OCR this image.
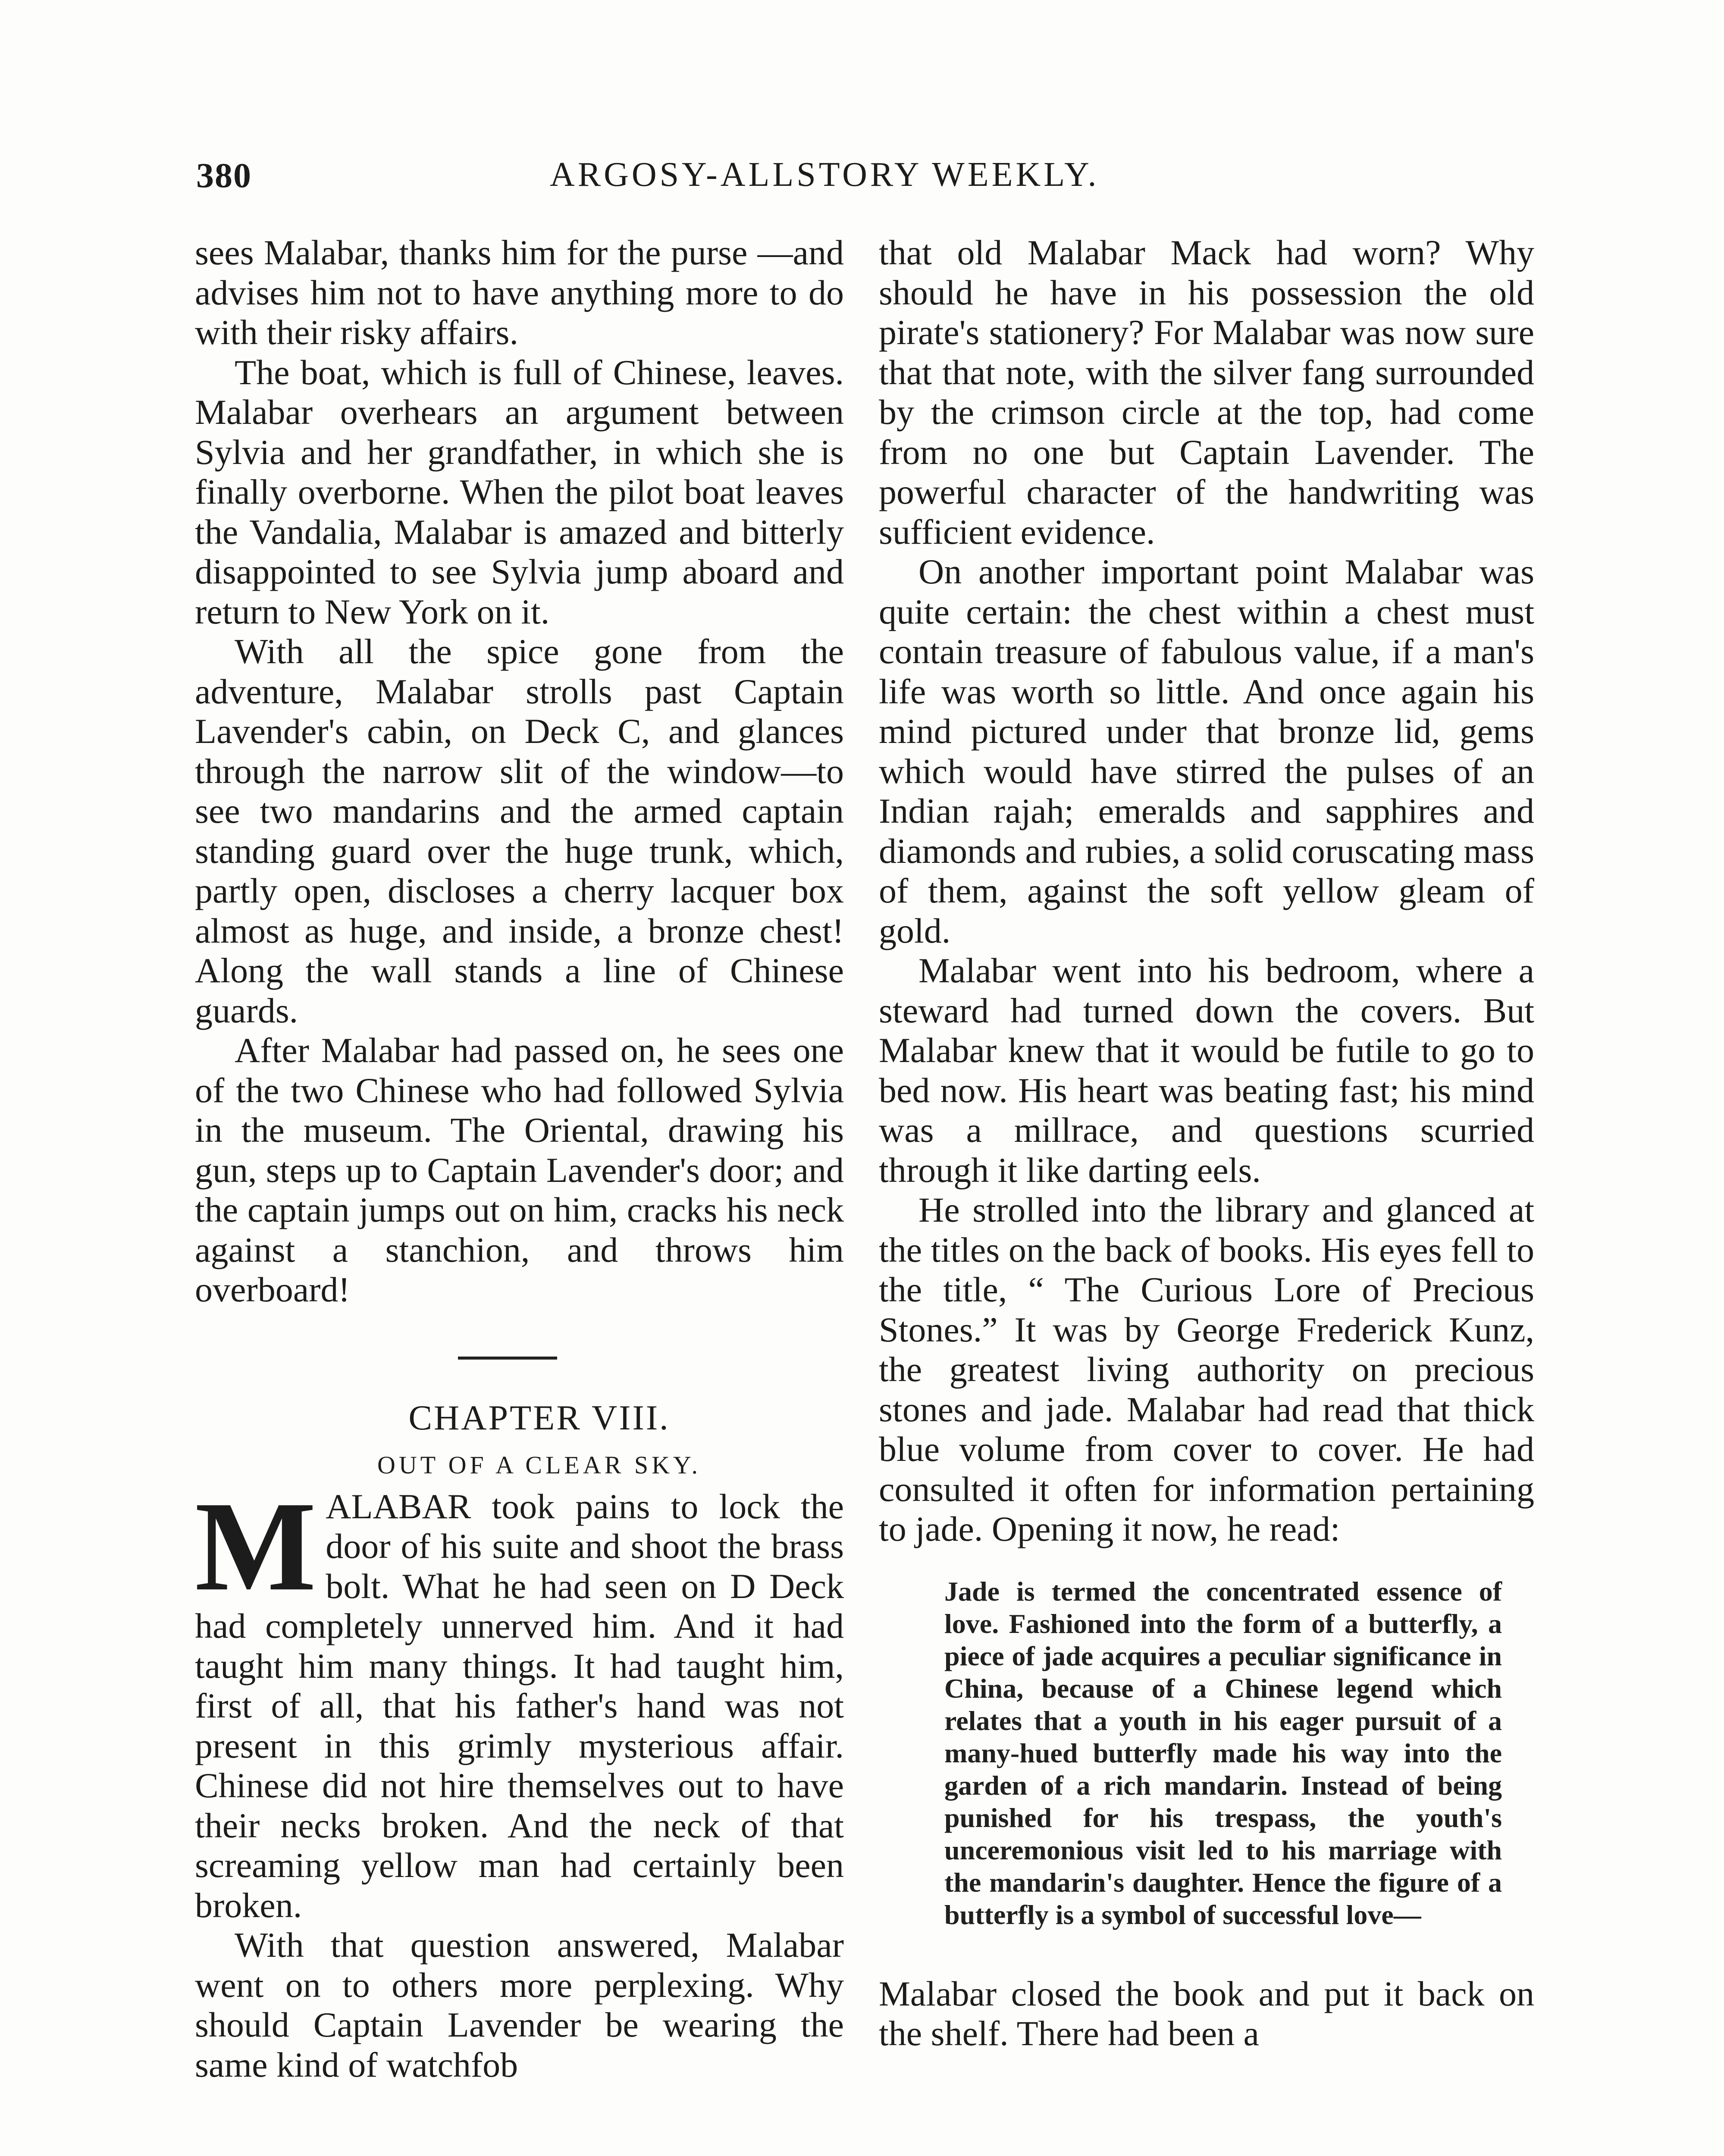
380	ARGOSY-ALLSTORY WEEKLY.

sees Malabar, thanks him for the purse —and advises him not to have anything more to do with their risky affairs.

The boat, which is full of Chinese, leaves. Malabar overhears an argument between Sylvia and her grandfather, in which she is finally overborne. When the pilot boat leaves the Vandalia, Malabar is amazed and bitterly disappointed to see Sylvia jump aboard and return to New York on it.

With all the spice gone from the adventure, Malabar strolls past Captain Lavender's cabin, on Deck C, and glances through the narrow slit of the window—to see two mandarins and the armed captain standing guard over the huge trunk, which, partly open, discloses a cherry lacquer box almost as huge, and inside, a bronze chest! Along the wall stands a line of Chinese guards.

After Malabar had passed on, he sees one of the two Chinese who had followed Sylvia in the museum. The Oriental, drawing his gun, steps up to Captain Lavender's door; and the captain jumps out on him, cracks his neck against a stanchion, and throws him overboard!

CHAPTER VIII.

OUT OF A CLEAR SKY.

MALABAR took pains to lock the door of his suite and shoot the brass bolt. What he had seen on D Deck had completely unnerved him. And it had taught him many things. It had taught him, first of all, that his father's hand was not present in this grimly mysterious affair. Chinese did not hire themselves out to have their necks broken. And the neck of that screaming yellow man had certainly been broken.

With that question answered, Malabar went on to others more perplexing. Why should Captain Lavender be wearing the same kind of watchfob

that old Malabar Mack had worn? Why should he have in his possession the old pirate's stationery? For Malabar was now sure that that note, with the silver fang surrounded by the crimson circle at the top, had come from no one but Captain Lavender. The powerful character of the handwriting was sufficient evidence.

On another important point Malabar was quite certain: the chest within a chest must contain treasure of fabulous value, if a man's life was worth so little. And once again his mind pictured under that bronze lid, gems which would have stirred the pulses of an Indian rajah; emeralds and sapphires and diamonds and rubies, a solid coruscating mass of them, against the soft yellow gleam of gold.

Malabar went into his bedroom, where a steward had turned down the covers. But Malabar knew that it would be futile to go to bed now. His heart was beating fast; his mind was a millrace, and questions scurried through it like darting eels.

He strolled into the library and glanced at the titles on the back of books. His eyes fell to the title, “ The Curious Lore of Precious Stones.” It was by George Frederick Kunz, the greatest living authority on precious stones and jade. Malabar had read that thick blue volume from cover to cover. He had consulted it often for information pertaining to jade. Opening it now, he read:

Jade is termed the concentrated essence of love. Fashioned into the form of a butterfly, a piece of jade acquires a peculiar significance in China, because of a Chinese legend which relates that a youth in his eager pursuit of a many-hued butterfly made his way into the garden of a rich mandarin. Instead of being punished for his trespass, the youth's unceremonious visit led to his marriage with the mandarin's daughter. Hence the figure of a butterfly is a symbol of successful love—

Malabar closed the book and put it back on the shelf. There had been a
